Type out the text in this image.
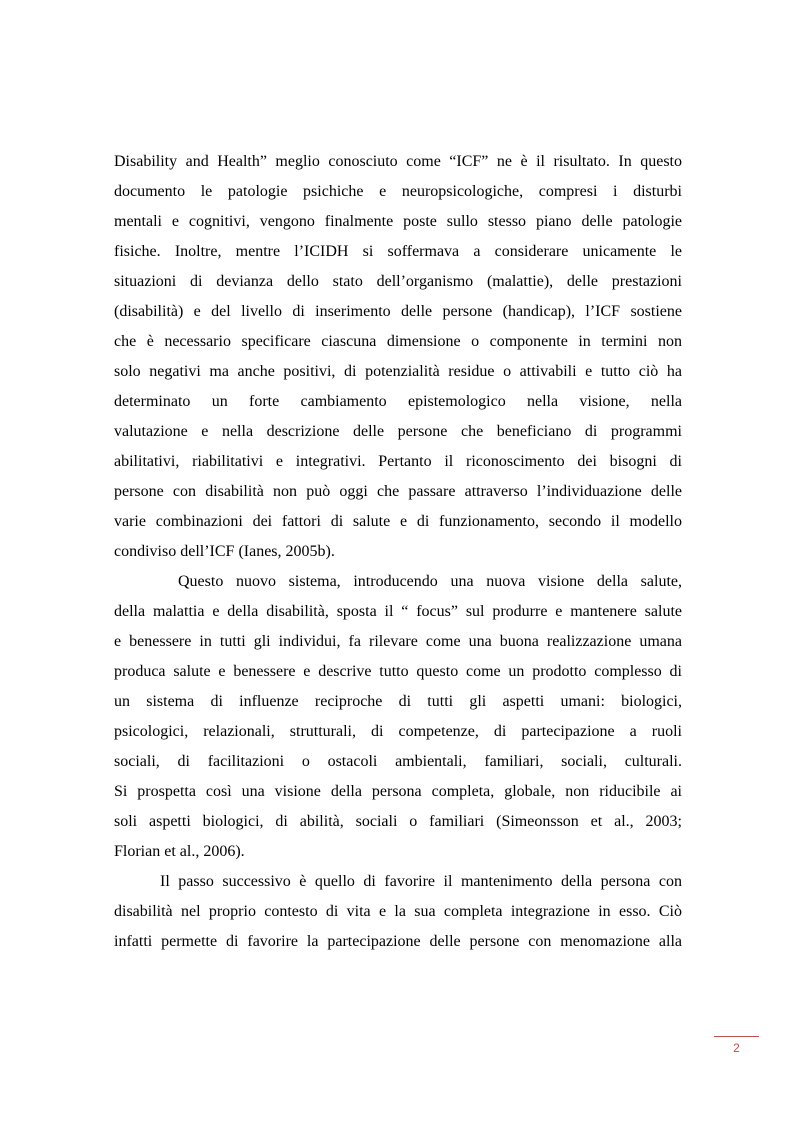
Disability and Health” meglio conosciuto come “ICF” ne è il risultato. In questo
documento le patologie psichiche e neuropsicologiche, compresi i disturbi
mentali e cognitivi, vengono finalmente poste sullo stesso piano delle patologie
fisiche. Inoltre, mentre l’ICIDH si soffermava a considerare unicamente le
situazioni di devianza dello stato dell’organismo (malattie), delle prestazioni
(disabilità) e del livello di inserimento delle persone (handicap), l’ICF sostiene
che è necessario specificare ciascuna dimensione o componente in termini non
solo negativi ma anche positivi, di potenzialità residue o attivabili e tutto ciò ha
determinato un forte cambiamento epistemologico nella visione, nella
valutazione e nella descrizione delle persone che beneficiano di programmi
abilitativi, riabilitativi e integrativi. Pertanto il riconoscimento dei bisogni di
persone con disabilità non può oggi che passare attraverso l’individuazione delle
varie combinazioni dei fattori di salute e di funzionamento, secondo il modello
condiviso dell’ICF (Ianes, 2005b).
Questo nuovo sistema, introducendo una nuova visione della salute,
della malattia e della disabilità, sposta il “ focus” sul produrre e mantenere salute
e benessere in tutti gli individui, fa rilevare come una buona realizzazione umana
produca salute e benessere e descrive tutto questo come un prodotto complesso di
un sistema di influenze reciproche di tutti gli aspetti umani: biologici,
psicologici, relazionali, strutturali, di competenze, di partecipazione a ruoli
sociali, di facilitazioni o ostacoli ambientali, familiari, sociali, culturali.
Si prospetta così una visione della persona completa, globale, non riducibile ai
soli aspetti biologici, di abilità, sociali o familiari (Simeonsson et al., 2003;
Florian et al., 2006).
Il passo successivo è quello di favorire il mantenimento della persona con
disabilità nel proprio contesto di vita e la sua completa integrazione in esso. Ciò
infatti permette di favorire la partecipazione delle persone con menomazione alla
2
